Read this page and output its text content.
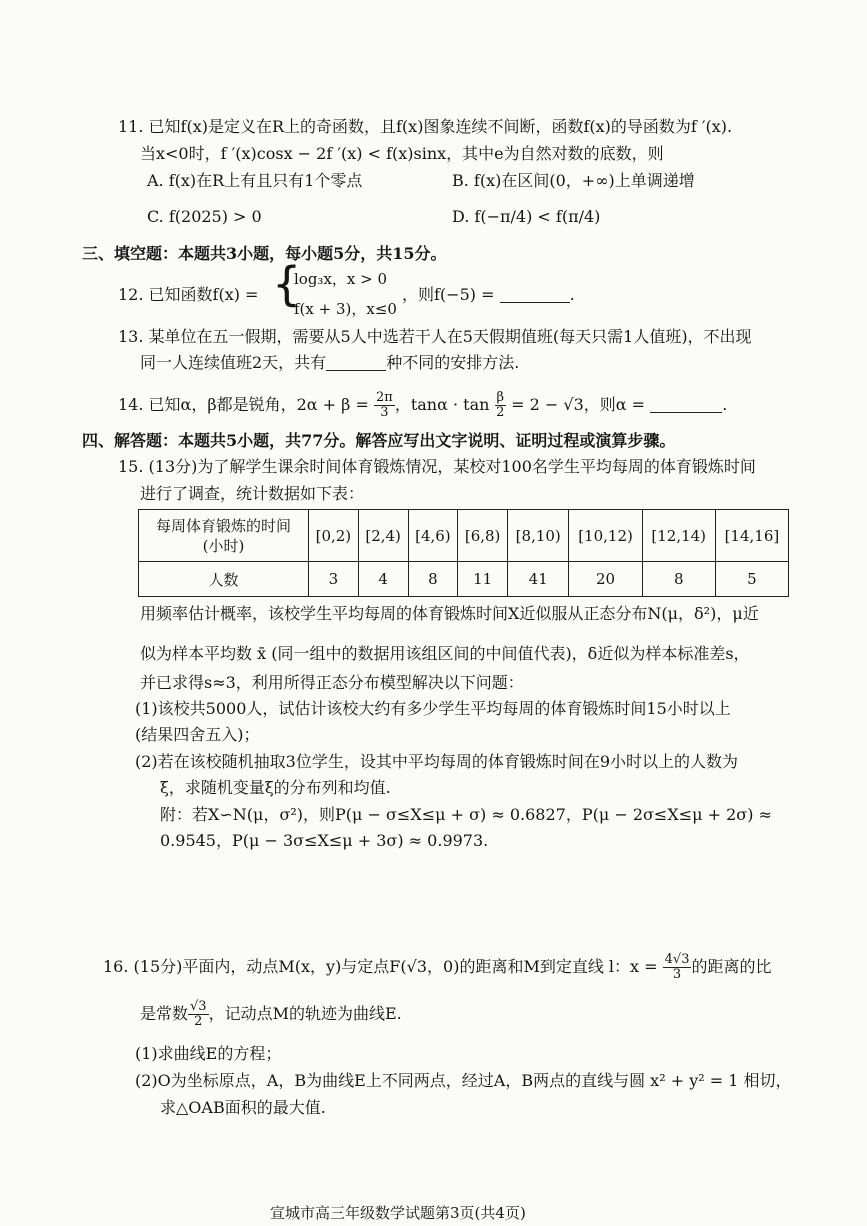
11. 已知f(x)是定义在R上的奇函数，且f(x)图象连续不间断，函数f(x)的导函数为f ′(x).
当x<0时，f ′(x)cosx − 2f ′(x) < f(x)sinx，其中e为自然对数的底数，则
A. f(x)在R上有且只有1个零点	B. f(x)在区间(0，+∞)上单调递增
C. f(2025) > 0	D. f(−π/4) < f(π/4)
三、填空题：本题共3小题，每小题5分，共15分。
12. 已知函数f(x) = {
log₃x，x > 0
f(x + 3)，x≤0
，则f(−5) =	.
13. 某单位在五一假期，需要从5人中选若干人在5天假期值班(每天只需1人值班)，不出现
同一人连续值班2天，共有	种不同的安排方法.
14. 已知α，β都是锐角，$2\alpha + \beta = \frac{2\pi}{3}$ ，$\tan\alpha \cdot \tan \frac{\beta}{2} = 2 - √3$，则α =	.
四、解答题：本题共5小题，共77分。解答应写出文字说明、证明过程或演算步骤。
15. (13分)为了解学生课余时间体育锻炼情况，某校对100名学生平均每周的体育锻炼时间
进行了调查，统计数据如下表：
每周体育锻炼的时间
(小时)	[0,2)	[2,4)	[4,6)	[6,8)	[8,10)	[10,12)	[12,14)	[14,16]
人数	3	4	8	11	41	20	8	5
用频率估计概率，该校学生平均每周的体育锻炼时间X近似服从正态分布N(μ，δ²)，μ近
似为样本平均数 x̄ (同一组中的数据用该组区间的中间值代表)，δ近似为样本标准差s，
并已求得s≈3，利用所得正态分布模型解决以下问题：
(1)该校共5000人，试估计该校大约有多少学生平均每周的体育锻炼时间15小时以上
(结果四舍五入)；
(2)若在该校随机抽取3位学生，设其中平均每周的体育锻炼时间在9小时以上的人数为
ξ，求随机变量ξ的分布列和均值.
附：若X∽N(μ，σ²)，则P(μ − σ≤X≤μ + σ) ≈ 0.6827，P(μ − 2σ≤X≤μ + 2σ) ≈
0.9545，P(μ − 3σ≤X≤μ + 3σ) ≈ 0.9973.
16. (15分)平面内，动点M(x，y)与定点F(√3，0)的距离和M到定直线 l：$x = \frac{4√3}{3}$ 的距离的比
是常数 $\frac{√3}{2}$ ，记动点M的轨迹为曲线E.
(1)求曲线E的方程；
(2)O为坐标原点，A，B为曲线E上不同两点，经过A，B两点的直线与圆 x² + y² = 1 相切，
求△OAB面积的最大值.
宣城市高三年级数学试题第3页(共4页)
